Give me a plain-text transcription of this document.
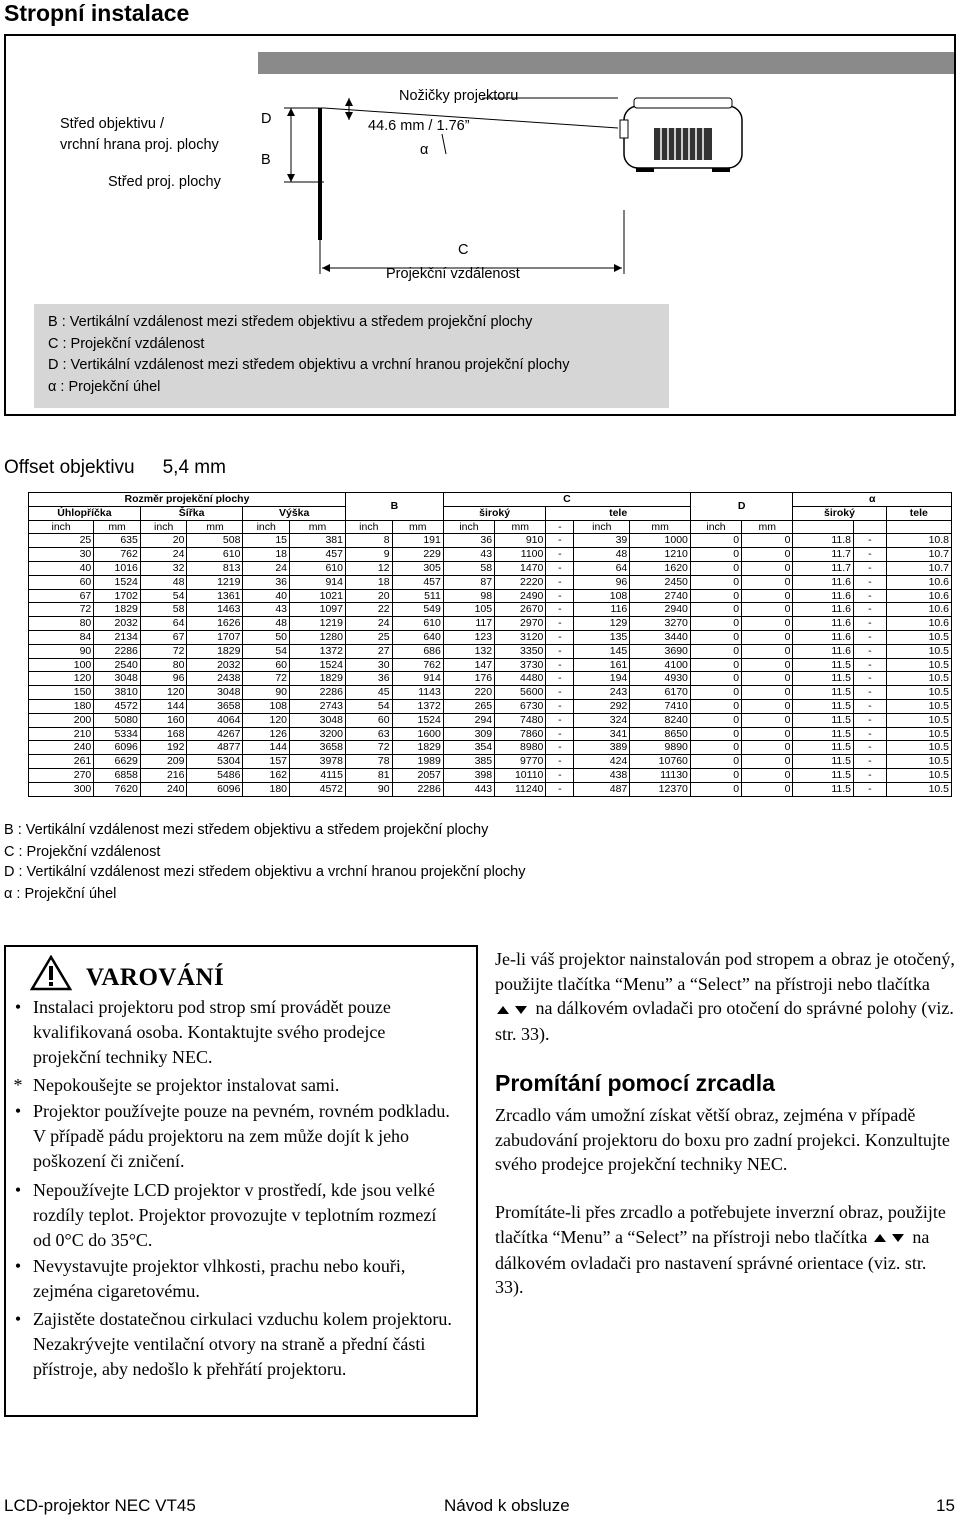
Stropní instalace
Střed objektivu /
vrchní hrana proj. plochy
Střed proj. plochy
D
B
Nožičky projektoru
44.6 mm / 1.76”
α
C
Projekční vzdálenost
B : Vertikální vzdálenost mezi středem objektivu a středem projekční plochy
C : Projekční vzdálenost
D : Vertikální vzdálenost mezi středem objektivu a vrchní hranou projekční plochy
α : Projekční úhel
Offset objektivu 5,4 mm
Rozměr projekční plochy						B		C					D		α		
Úhlopříčka		Šířka		Výška				široký		tele					široký		tele
inch	mm	inch	mm	inch	mm	inch	mm	inch	mm	-	inch	mm	inch	mm			
25	635	20	508	15	381	8	191	36	910	-	39	1000	0	0	11.8	-	10.8
30	762	24	610	18	457	9	229	43	1100	-	48	1210	0	0	11.7	-	10.7
40	1016	32	813	24	610	12	305	58	1470	-	64	1620	0	0	11.7	-	10.7
60	1524	48	1219	36	914	18	457	87	2220	-	96	2450	0	0	11.6	-	10.6
67	1702	54	1361	40	1021	20	511	98	2490	-	108	2740	0	0	11.6	-	10.6
72	1829	58	1463	43	1097	22	549	105	2670	-	116	2940	0	0	11.6	-	10.6
80	2032	64	1626	48	1219	24	610	117	2970	-	129	3270	0	0	11.6	-	10.6
84	2134	67	1707	50	1280	25	640	123	3120	-	135	3440	0	0	11.6	-	10.5
90	2286	72	1829	54	1372	27	686	132	3350	-	145	3690	0	0	11.6	-	10.5
100	2540	80	2032	60	1524	30	762	147	3730	-	161	4100	0	0	11.5	-	10.5
120	3048	96	2438	72	1829	36	914	176	4480	-	194	4930	0	0	11.5	-	10.5
150	3810	120	3048	90	2286	45	1143	220	5600	-	243	6170	0	0	11.5	-	10.5
180	4572	144	3658	108	2743	54	1372	265	6730	-	292	7410	0	0	11.5	-	10.5
200	5080	160	4064	120	3048	60	1524	294	7480	-	324	8240	0	0	11.5	-	10.5
210	5334	168	4267	126	3200	63	1600	309	7860	-	341	8650	0	0	11.5	-	10.5
240	6096	192	4877	144	3658	72	1829	354	8980	-	389	9890	0	0	11.5	-	10.5
261	6629	209	5304	157	3978	78	1989	385	9770	-	424	10760	0	0	11.5	-	10.5
270	6858	216	5486	162	4115	81	2057	398	10110	-	438	11130	0	0	11.5	-	10.5
300	7620	240	6096	180	4572	90	2286	443	11240	-	487	12370	0	0	11.5	-	10.5
B : Vertikální vzdálenost mezi středem objektivu a středem projekční plochy
C : Projekční vzdálenost
D : Vertikální vzdálenost mezi středem objektivu a vrchní hranou projekční plochy
α : Projekční úhel
VAROVÁNÍ
• Instalaci projektoru pod strop smí provádět pouze kvalifikovaná osoba. Kontaktujte svého prodejce projekční techniky NEC.
* Nepokoušejte se projektor instalovat sami.
• Projektor používejte pouze na pevném, rovném podkladu. V případě pádu projektoru na zem může dojít k jeho poškození či zničení.
• Nepoužívejte LCD projektor v prostředí, kde jsou velké rozdíly teplot. Projektor provozujte v teplotním rozmezí od 0°C do 35°C.
• Nevystavujte projektor vlhkosti, prachu nebo kouři, zejména cigaretovému.
• Zajistěte dostatečnou cirkulaci vzduchu kolem projektoru. Nezakrývejte ventilační otvory na straně a přední části přístroje, aby nedošlo k přehřátí projektoru.
Je-li váš projektor nainstalován pod stropem a obraz je otočený, použijte tlačítka “Menu” a “Select” na přístroji nebo tlačítka  na dálkovém ovladači pro otočení do správné polohy (viz. str. 33).
Promítání pomocí zrcadla
Zrcadlo vám umožní získat větší obraz, zejména v případě zabudování projektoru do boxu pro zadní projekci. Konzultujte svého prodejce projekční techniky NEC.
Promítáte-li přes zrcadlo a potřebujete inverzní obraz, použijte tlačítka “Menu” a “Select” na přístroji nebo tlačítka	na dálkovém ovladači pro nastavení správné orientace (viz. str. 33).
LCD-projektor NEC VT45	Návod k obsluze	15
